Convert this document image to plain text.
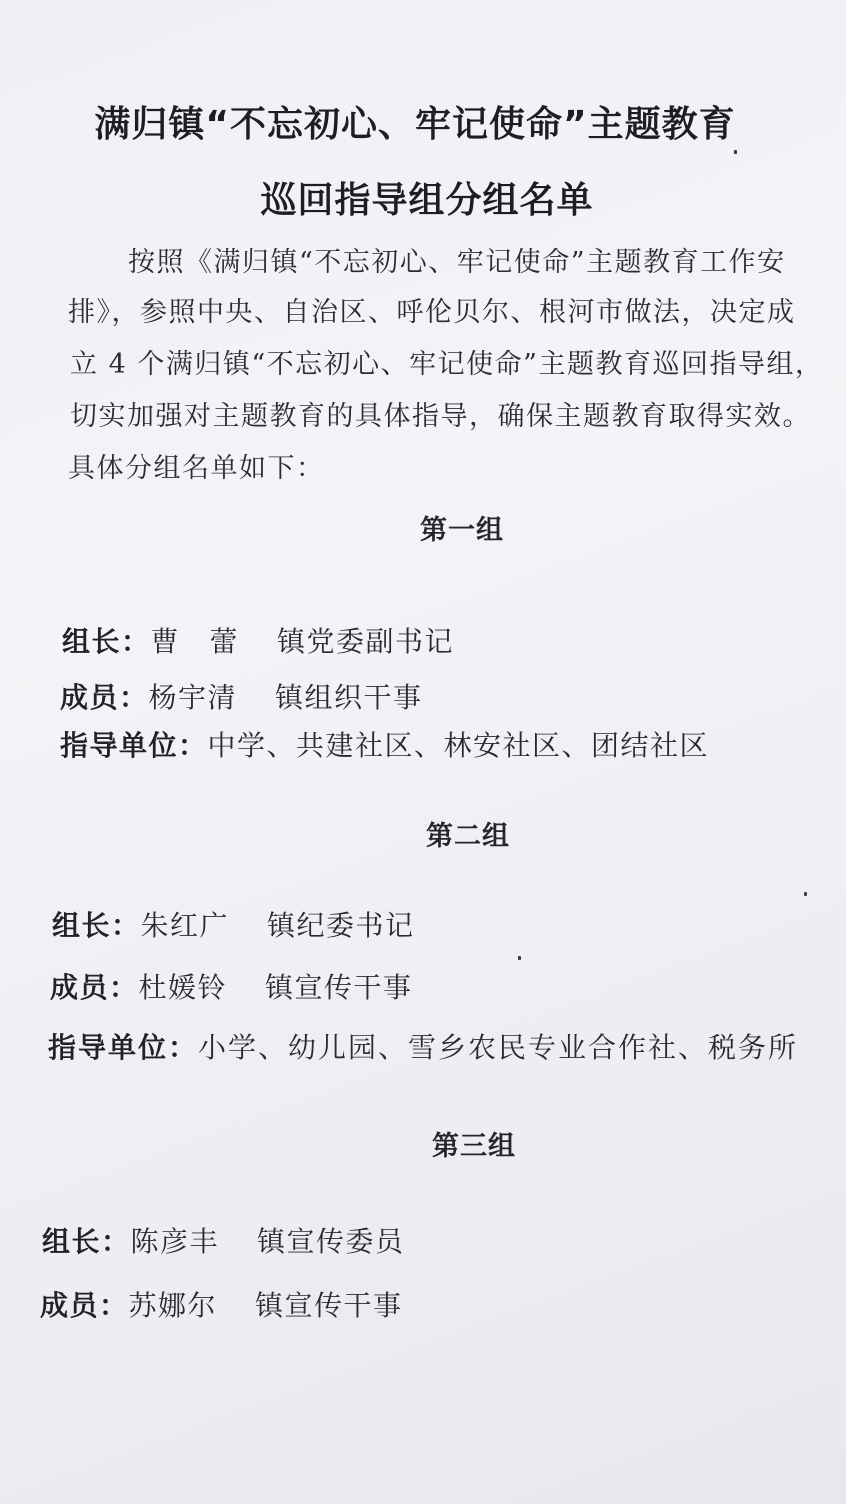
满归镇“不忘初心、牢记使命”主题教育
巡回指导组分组名单
按照《满归镇“不忘初心、牢记使命”主题教育工作安
排》，参照中央、自治区、呼伦贝尔、根河市做法，决定成
立 4 个满归镇“不忘初心、牢记使命”主题教育巡回指导组，
切实加强对主题教育的具体指导，确保主题教育取得实效。
具体分组名单如下：
第一组
组长：曹　蕾 镇党委副书记
成员：杨宇清 镇组织干事
指导单位：中学、共建社区、林安社区、团结社区
第二组
组长：朱红广 镇纪委书记
成员：杜媛铃 镇宣传干事
指导单位：小学、幼儿园、雪乡农民专业合作社、税务所
第三组
组长：陈彦丰 镇宣传委员
成员：苏娜尔 镇宣传干事
